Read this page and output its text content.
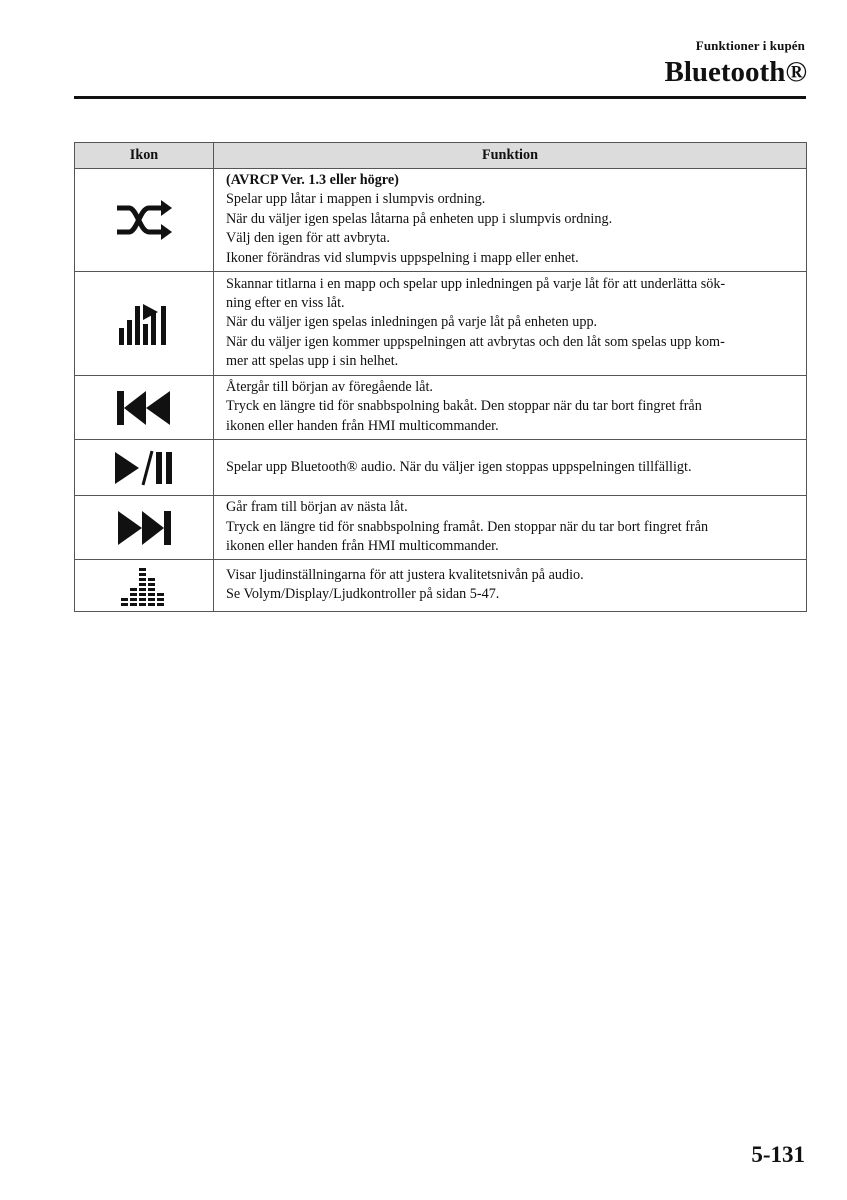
Funktioner i kupén
Bluetooth®
Ikon	Funktion

(AVRCP Ver. 1.3 eller högre)
Spelar upp låtar i mappen i slumpvis ordning.
När du väljer igen spelas låtarna på enheten upp i slumpvis ordning.
Välj den igen för att avbryta.
Ikoner förändras vid slumpvis uppspelning i mapp eller enhet.

Skannar titlarna i en mapp och spelar upp inledningen på varje låt för att underlätta sök-
ning efter en viss låt.
När du väljer igen spelas inledningen på varje låt på enheten upp.
När du väljer igen kommer uppspelningen att avbrytas och den låt som spelas upp kom-
mer att spelas upp i sin helhet.

Återgår till början av föregående låt.
Tryck en längre tid för snabbspolning bakåt. Den stoppar när du tar bort fingret från
ikonen eller handen från HMI multicommander.

Spelar upp Bluetooth® audio. När du väljer igen stoppas uppspelningen tillfälligt.

Går fram till början av nästa låt.
Tryck en längre tid för snabbspolning framåt. Den stoppar när du tar bort fingret från
ikonen eller handen från HMI multicommander.

Visar ljudinställningarna för att justera kvalitetsnivån på audio.
Se Volym/Display/Ljudkontroller på sidan 5-47.
5-131
